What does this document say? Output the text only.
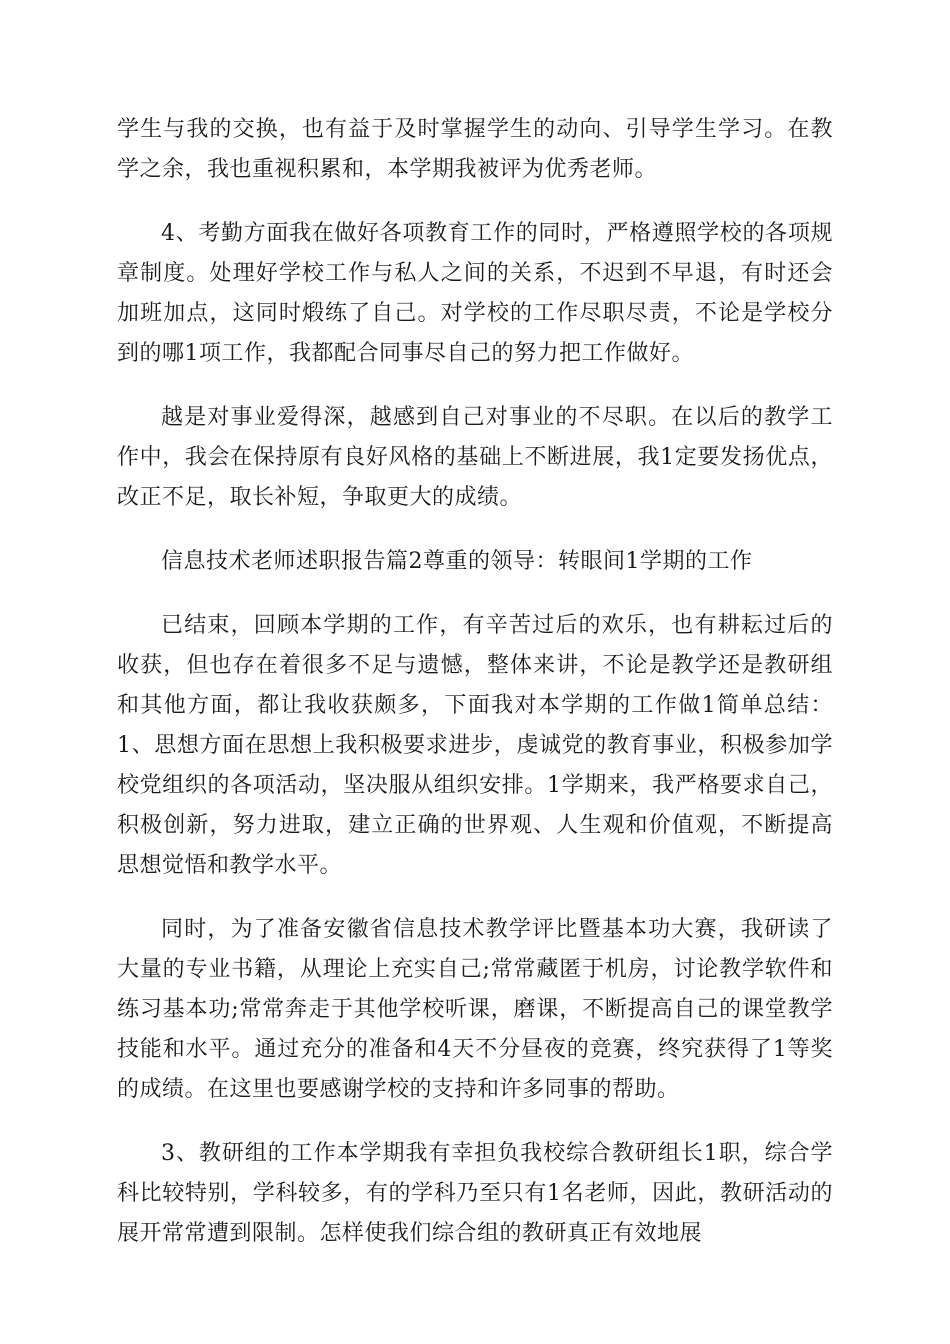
学生与我的交换，也有益于及时掌握学生的动向、引导学生学习。在教学之余，我也重视积累和，本学期我被评为优秀老师。

4、考勤方面我在做好各项教育工作的同时，严格遵照学校的各项规章制度。处理好学校工作与私人之间的关系，不迟到不早退，有时还会加班加点，这同时煅练了自己。对学校的工作尽职尽责，不论是学校分到的哪1项工作，我都配合同事尽自己的努力把工作做好。

越是对事业爱得深，越感到自己对事业的不尽职。在以后的教学工作中，我会在保持原有良好风格的基础上不断进展，我1定要发扬优点，改正不足，取长补短，争取更大的成绩。

信息技术老师述职报告篇2尊重的领导：转眼间1学期的工作

已结束，回顾本学期的工作，有辛苦过后的欢乐，也有耕耘过后的收获，但也存在着很多不足与遗憾，整体来讲，不论是教学还是教研组和其他方面，都让我收获颇多，下面我对本学期的工作做1简单总结：1、思想方面在思想上我积极要求进步，虔诚党的教育事业，积极参加学校党组织的各项活动，坚决服从组织安排。1学期来，我严格要求自己，积极创新，努力进取，建立正确的世界观、人生观和价值观，不断提高思想觉悟和教学水平。

同时，为了准备安徽省信息技术教学评比暨基本功大赛，我研读了大量的专业书籍，从理论上充实自己;常常藏匿于机房，讨论教学软件和练习基本功;常常奔走于其他学校听课，磨课，不断提高自己的课堂教学技能和水平。通过充分的准备和4天不分昼夜的竞赛，终究获得了1等奖的成绩。在这里也要感谢学校的支持和许多同事的帮助。

3、教研组的工作本学期我有幸担负我校综合教研组长1职，综合学科比较特别，学科较多，有的学科乃至只有1名老师，因此，教研活动的展开常常遭到限制。怎样使我们综合组的教研真正有效地展
